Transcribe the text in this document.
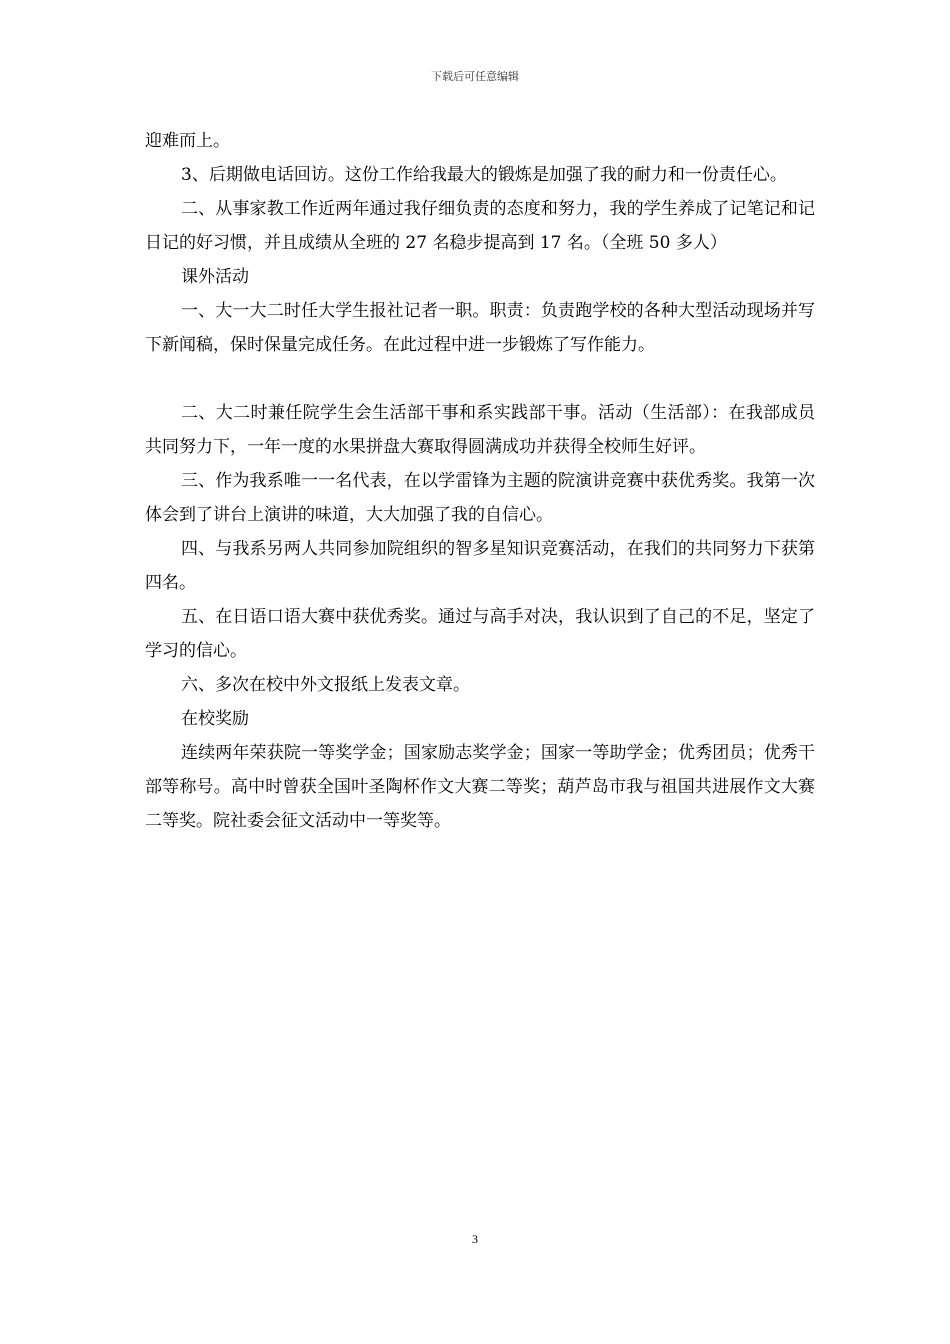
下载后可任意编辑

迎难而上。

3、后期做电话回访。这份工作给我最大的锻炼是加强了我的耐力和一份责任心。

二、从事家教工作近两年通过我仔细负责的态度和努力，我的学生养成了记笔记和记日记的好习惯，并且成绩从全班的 27 名稳步提高到 17 名。（全班 50 多人）

课外活动

一、大一大二时任大学生报社记者一职。职责：负责跑学校的各种大型活动现场并写下新闻稿，保时保量完成任务。在此过程中进一步锻炼了写作能力。

二、大二时兼任院学生会生活部干事和系实践部干事。活动（生活部）：在我部成员共同努力下，一年一度的水果拼盘大赛取得圆满成功并获得全校师生好评。

三、作为我系唯一一名代表，在以学雷锋为主题的院演讲竞赛中获优秀奖。我第一次体会到了讲台上演讲的味道，大大加强了我的自信心。

四、与我系另两人共同参加院组织的智多星知识竞赛活动，在我们的共同努力下获第四名。

五、在日语口语大赛中获优秀奖。通过与高手对决，我认识到了自己的不足，坚定了学习的信心。

六、多次在校中外文报纸上发表文章。

在校奖励

连续两年荣获院一等奖学金；国家励志奖学金；国家一等助学金；优秀团员；优秀干部等称号。高中时曾获全国叶圣陶杯作文大赛二等奖；葫芦岛市我与祖国共进展作文大赛二等奖。院社委会征文活动中一等奖等。

3
